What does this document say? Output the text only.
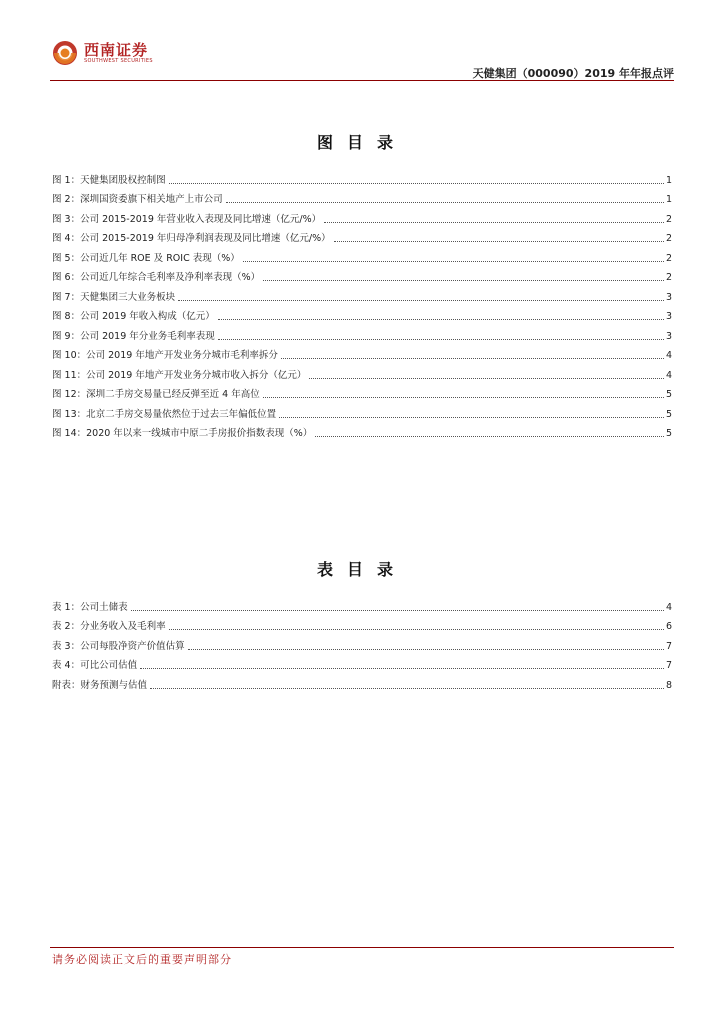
西南证券
SOUTHWEST SECURITIES
天健集团（000090）2019 年年报点评
图目录
图 1：天健集团股权控制图	1
图 2：深圳国资委旗下相关地产上市公司	1
图 3：公司 2015-2019 年营业收入表现及同比增速（亿元/%）	2
图 4：公司 2015-2019 年归母净利润表现及同比增速（亿元/%）	2
图 5：公司近几年 ROE 及 ROIC 表现（%）	2
图 6：公司近几年综合毛利率及净利率表现（%）	2
图 7：天健集团三大业务板块	3
图 8：公司 2019 年收入构成（亿元）	3
图 9：公司 2019 年分业务毛利率表现	3
图 10：公司 2019 年地产开发业务分城市毛利率拆分	4
图 11：公司 2019 年地产开发业务分城市收入拆分（亿元）	4
图 12：深圳二手房交易量已经反弹至近 4 年高位	5
图 13：北京二手房交易量依然位于过去三年偏低位置	5
图 14：2020 年以来一线城市中原二手房报价指数表现（%）	5
表目录
表 1：公司土储表	4
表 2：分业务收入及毛利率	6
表 3：公司每股净资产价值估算	7
表 4：可比公司估值	7
附表：财务预测与估值	8
请务必阅读正文后的重要声明部分
